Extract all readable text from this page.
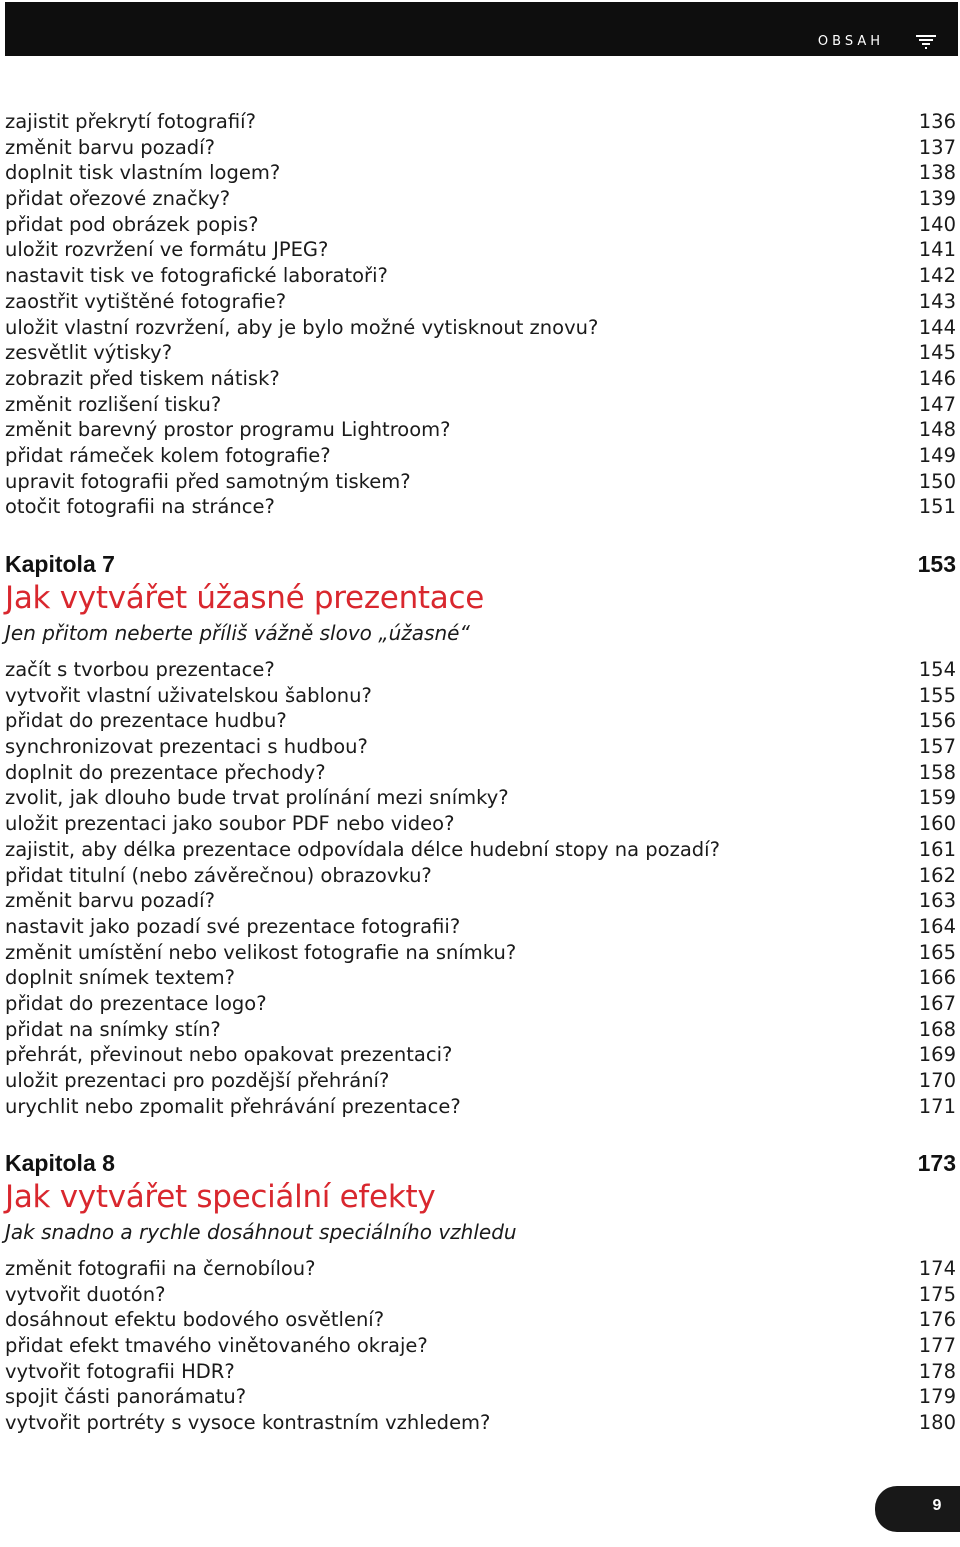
OBSAH
zajistit překrytí fotografií?	136
změnit barvu pozadí?	137
doplnit tisk vlastním logem?	138
přidat ořezové značky?	139
přidat pod obrázek popis?	140
uložit rozvržení ve formátu JPEG?	141
nastavit tisk ve fotografické laboratoři?	142
zaostřit vytištěné fotografie?	143
uložit vlastní rozvržení, aby je bylo možné vytisknout znovu?	144
zesvětlit výtisky?	145
zobrazit před tiskem nátisk?	146
změnit rozlišení tisku?	147
změnit barevný prostor programu Lightroom?	148
přidat rámeček kolem fotografie?	149
upravit fotografii před samotným tiskem?	150
otočit fotografii na stránce?	151
Kapitola 7	153
Jak vytvářet úžasné prezentace
Jen přitom neberte příliš vážně slovo „úžasné“
začít s tvorbou prezentace?	154
vytvořit vlastní uživatelskou šablonu?	155
přidat do prezentace hudbu?	156
synchronizovat prezentaci s hudbou?	157
doplnit do prezentace přechody?	158
zvolit, jak dlouho bude trvat prolínání mezi snímky?	159
uložit prezentaci jako soubor PDF nebo video?	160
zajistit, aby délka prezentace odpovídala délce hudební stopy na pozadí?	161
přidat titulní (nebo závěrečnou) obrazovku?	162
změnit barvu pozadí?	163
nastavit jako pozadí své prezentace fotografii?	164
změnit umístění nebo velikost fotografie na snímku?	165
doplnit snímek textem?	166
přidat do prezentace logo?	167
přidat na snímky stín?	168
přehrát, převinout nebo opakovat prezentaci?	169
uložit prezentaci pro pozdější přehrání?	170
urychlit nebo zpomalit přehrávání prezentace?	171
Kapitola 8	173
Jak vytvářet speciální efekty
Jak snadno a rychle dosáhnout speciálního vzhledu
změnit fotografii na černobílou?	174
vytvořit duotón?	175
dosáhnout efektu bodového osvětlení?	176
přidat efekt tmavého vinětovaného okraje?	177
vytvořit fotografii HDR?	178
spojit části panorámatu?	179
vytvořit portréty s vysoce kontrastním vzhledem?	180
9
